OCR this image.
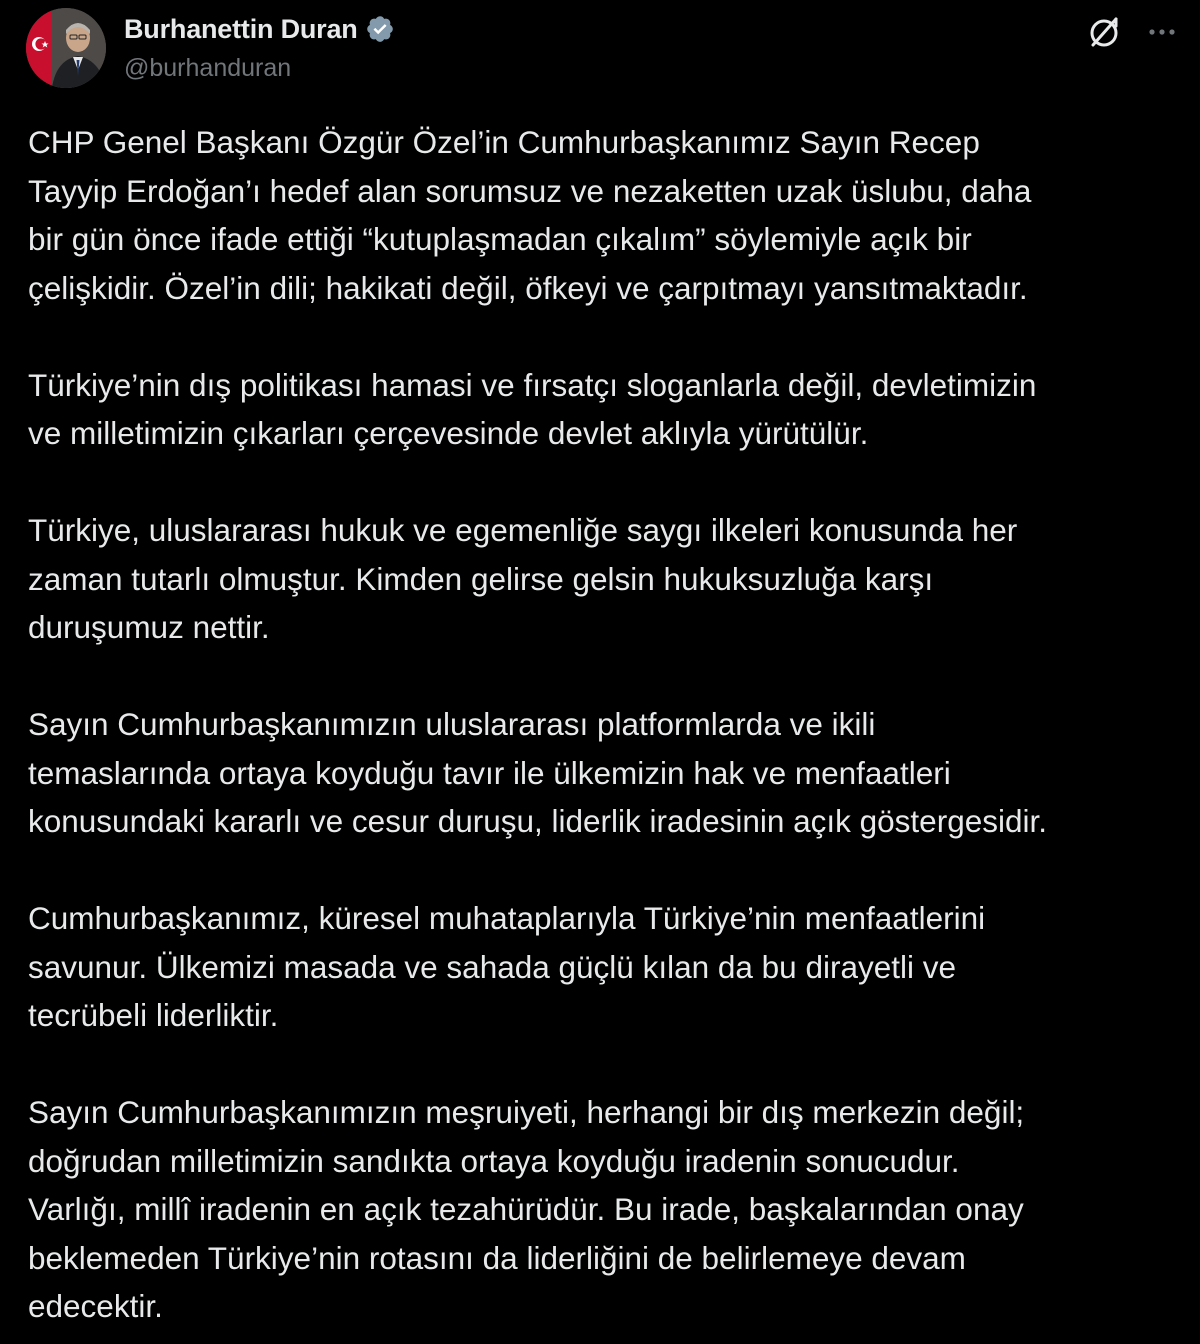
Burhanettin Duran
@burhanduran

CHP Genel Başkanı Özgür Özel’in Cumhurbaşkanımız Sayın Recep
Tayyip Erdoğan’ı hedef alan sorumsuz ve nezaketten uzak üslubu, daha
bir gün önce ifade ettiği “kutuplaşmadan çıkalım” söylemiyle açık bir
çelişkidir. Özel’in dili; hakikati değil, öfkeyi ve çarpıtmayı yansıtmaktadır.

Türkiye’nin dış politikası hamasi ve fırsatçı sloganlarla değil, devletimizin
ve milletimizin çıkarları çerçevesinde devlet aklıyla yürütülür.

Türkiye, uluslararası hukuk ve egemenliğe saygı ilkeleri konusunda her
zaman tutarlı olmuştur. Kimden gelirse gelsin hukuksuzluğa karşı
duruşumuz nettir.

Sayın Cumhurbaşkanımızın uluslararası platformlarda ve ikili
temaslarında ortaya koyduğu tavır ile ülkemizin hak ve menfaatleri
konusundaki kararlı ve cesur duruşu, liderlik iradesinin açık göstergesidir.

Cumhurbaşkanımız, küresel muhataplarıyla Türkiye’nin menfaatlerini
savunur. Ülkemizi masada ve sahada güçlü kılan da bu dirayetli ve
tecrübeli liderliktir.

Sayın Cumhurbaşkanımızın meşruiyeti, herhangi bir dış merkezin değil;
doğrudan milletimizin sandıkta ortaya koyduğu iradenin sonucudur.
Varlığı, millî iradenin en açık tezahürüdür. Bu irade, başkalarından onay
beklemeden Türkiye’nin rotasını da liderliğini de belirlemeye devam
edecektir.
